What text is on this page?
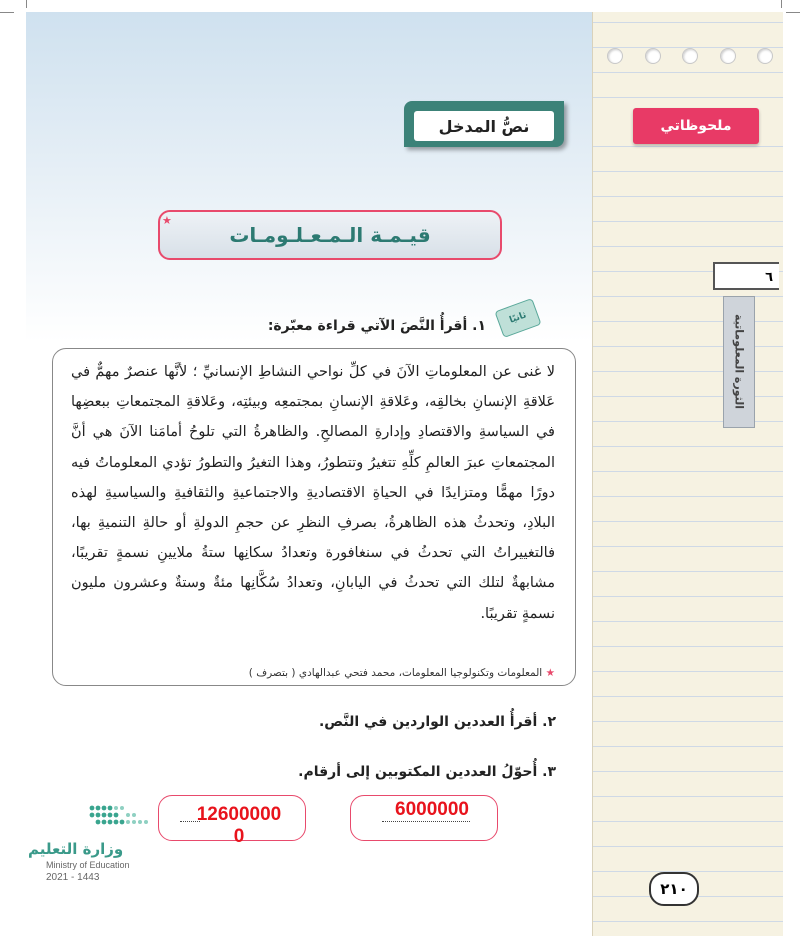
ملحوظاتي
٦
الثورة المعلوماتية
٢١٠
نصُّ المدخل
قيـمـة الـمـعـلـومـات
★
ثانيًا
١. أقرأُ النَّصَ الآتي قراءة معبّرة:
لا غنى عن المعلوماتِ الآنَ في كلِّ نواحي النشاطِ الإنسانيِّ ؛ لأنَّها عنصرٌ مهمٌّ في عَلاقةِ الإنسانِ بخالقِه، وعَلاقةِ الإنسانِ بمجتمعِه وبيئتِه، وعَلاقةِ المجتمعاتِ ببعضِها في السياسةِ والاقتصادِ وإدارةِ المصالحِ. والظاهرةُ التي تلوحُ أمامَنا الآنَ هي أنَّ المجتمعاتِ عبرَ العالمِ كلِّهِ تتغيرُ وتتطورُ، وهذا التغيرُ والتطورُ تؤدي المعلوماتُ فيه دورًا مهمًّا ومتزايدًا في الحياةِ الاقتصاديةِ والاجتماعيةِ والثقافيةِ والسياسيةِ لهذه البلادِ، وتحدثُ هذه الظاهرةُ، بصرفِ النظرِ عن حجمِ الدولةِ أو حالةِ التنميةِ بها، فالتغييراتُ التي تحدثُ في سنغافورة وتعدادُ سكانِها ستةُ ملايينِ نسمةٍ تقريبًا، مشابهةٌ لتلك التي تحدثُ في اليابانِ، وتعدادُ سُكَّانِها مئةٌ وستةٌ وعشرون مليون نسمةٍ تقريبًا.
★ المعلومات وتكنولوجيا المعلومات، محمد فتحي عبدالهادي ( بتصرف )
٢. أقرأُ العددين الواردين في النَّص.
٣. أُحوّلُ العددين المكتوبين إلى أرقام.
6000000
126000000
وزارة التعليم
Ministry of Education
2021 - 1443
